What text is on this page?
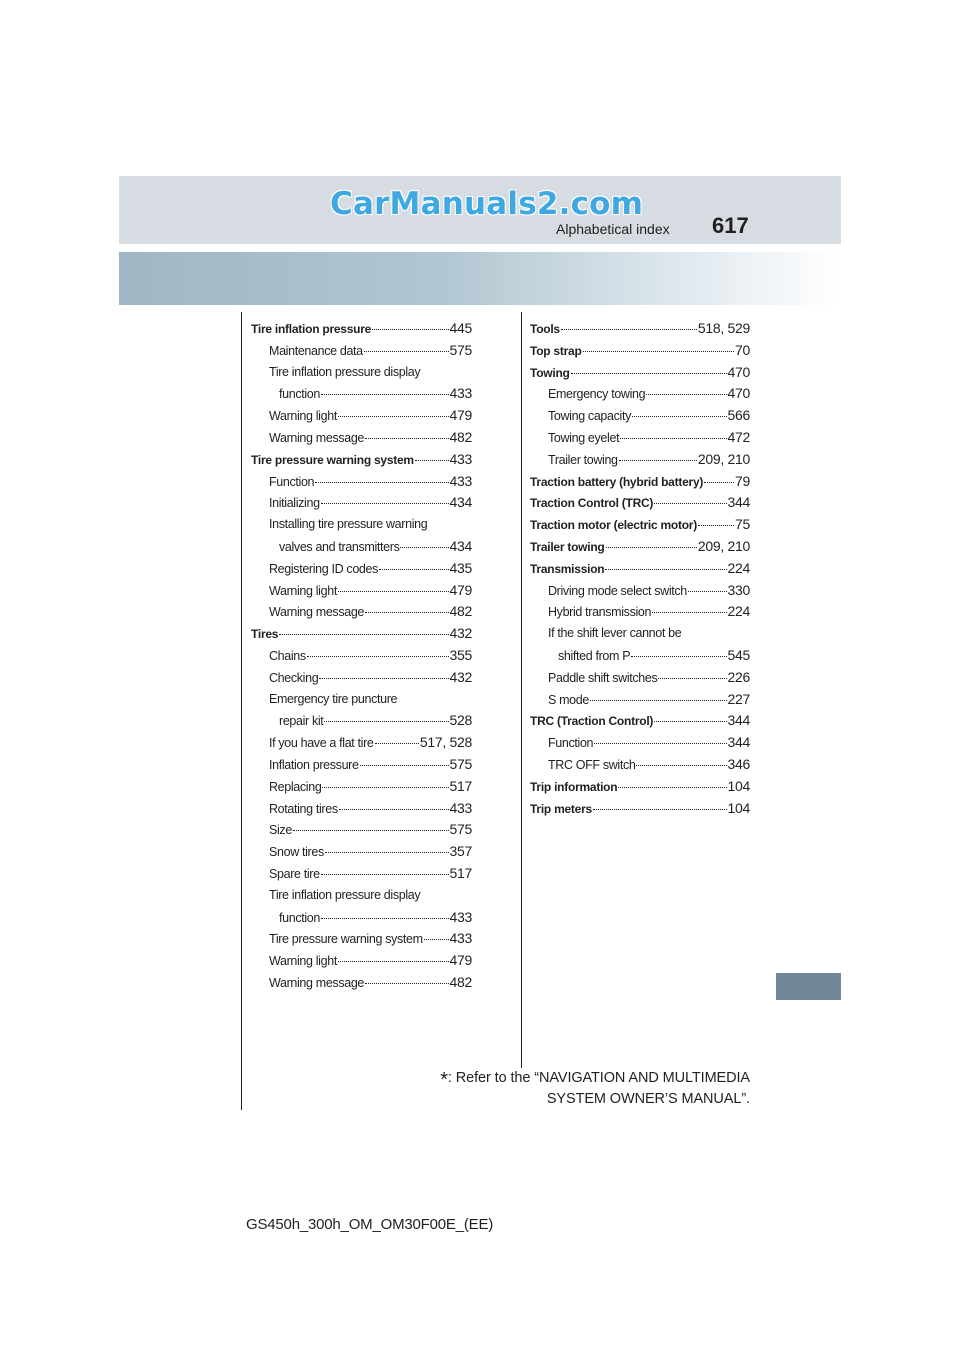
CarManuals2.com
Alphabetical index 617
Tire inflation pressure	445
Maintenance data	575
Tire inflation pressure display
function	433
Warning light	479
Warning message	482
Tire pressure warning system	433
Function	433
Initializing	434
Installing tire pressure warning
valves and transmitters	434
Registering ID codes	435
Warning light	479
Warning message	482
Tires	432
Chains	355
Checking	432
Emergency tire puncture
repair kit	528
If you have a flat tire	517, 528
Inflation pressure	575
Replacing	517
Rotating tires	433
Size	575
Snow tires	357
Spare tire	517
Tire inflation pressure display
function	433
Tire pressure warning system 433
Warning light	479
Warning message	482
Tools	518, 529
Top strap	70
Towing	470
Emergency towing	470
Towing capacity	566
Towing eyelet	472
Trailer towing	209, 210
Traction battery (hybrid battery) 79
Traction Control (TRC)	344
Traction motor (electric motor)	75
Trailer towing	209, 210
Transmission	224
Driving mode select switch	330
Hybrid transmission	224
If the shift lever cannot be
shifted from P	545
Paddle shift switches	226
S mode	227
TRC (Traction Control)	344
Function	344
TRC OFF switch	346
Trip information	104
Trip meters	104
*: Refer to the “NAVIGATION AND MULTIMEDIA
SYSTEM OWNER’S MANUAL”.
GS450h_300h_OM_OM30F00E_(EE)
